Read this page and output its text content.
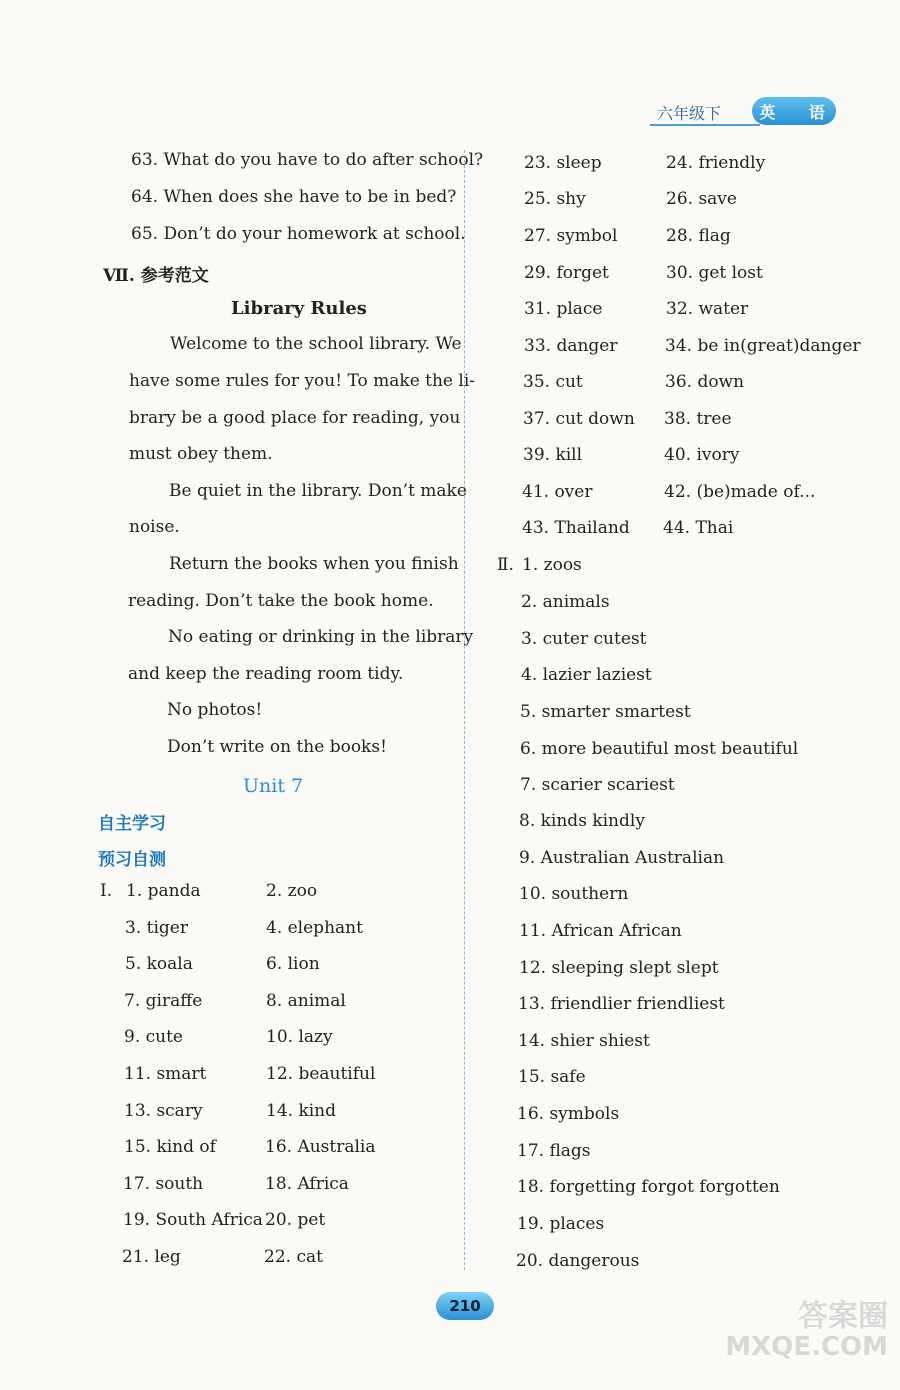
六年级下	英 语
63. What do you have to do after school?
64. When does she have to be in bed?
65. Don’t do your homework at school.
Ⅶ. 参考范文
Library Rules
Welcome to the school library. We
have some rules for you! To make the li-
brary be a good place for reading, you
must obey them.
Be quiet in the library. Don’t make
noise.
Return the books when you finish
reading. Don’t take the book home.
No eating or drinking in the library
and keep the reading room tidy.
No photos!
Don’t write on the books!
Unit 7
自主学习
预习自测
Ⅰ. 1. panda	2. zoo
3. tiger	4. elephant
5. koala	6. lion
7. giraffe	8. animal
9. cute	10. lazy
11. smart	12. beautiful
13. scary	14. kind
15. kind of	16. Australia
17. south	18. Africa
19. South Africa 20. pet
21. leg	22. cat
23. sleep	24. friendly
25. shy	26. save
27. symbol	28. flag
29. forget	30. get lost
31. place	32. water
33. danger	34. be in(great)danger
35. cut	36. down
37. cut down 38. tree
39. kill	40. ivory
41. over	42. (be)made of...
43. Thailand 44. Thai
Ⅱ. 1. zoos
2. animals
3. cuter cutest
4. lazier laziest
5. smarter smartest
6. more beautiful most beautiful
7. scarier scariest
8. kinds kindly
9. Australian Australian
10. southern
11. African African
12. sleeping slept slept
13. friendlier friendliest
14. shier shiest
15. safe
16. symbols
17. flags
18. forgetting forgot forgotten
19. places
20. dangerous
210	答案圈
MXQE.COM
